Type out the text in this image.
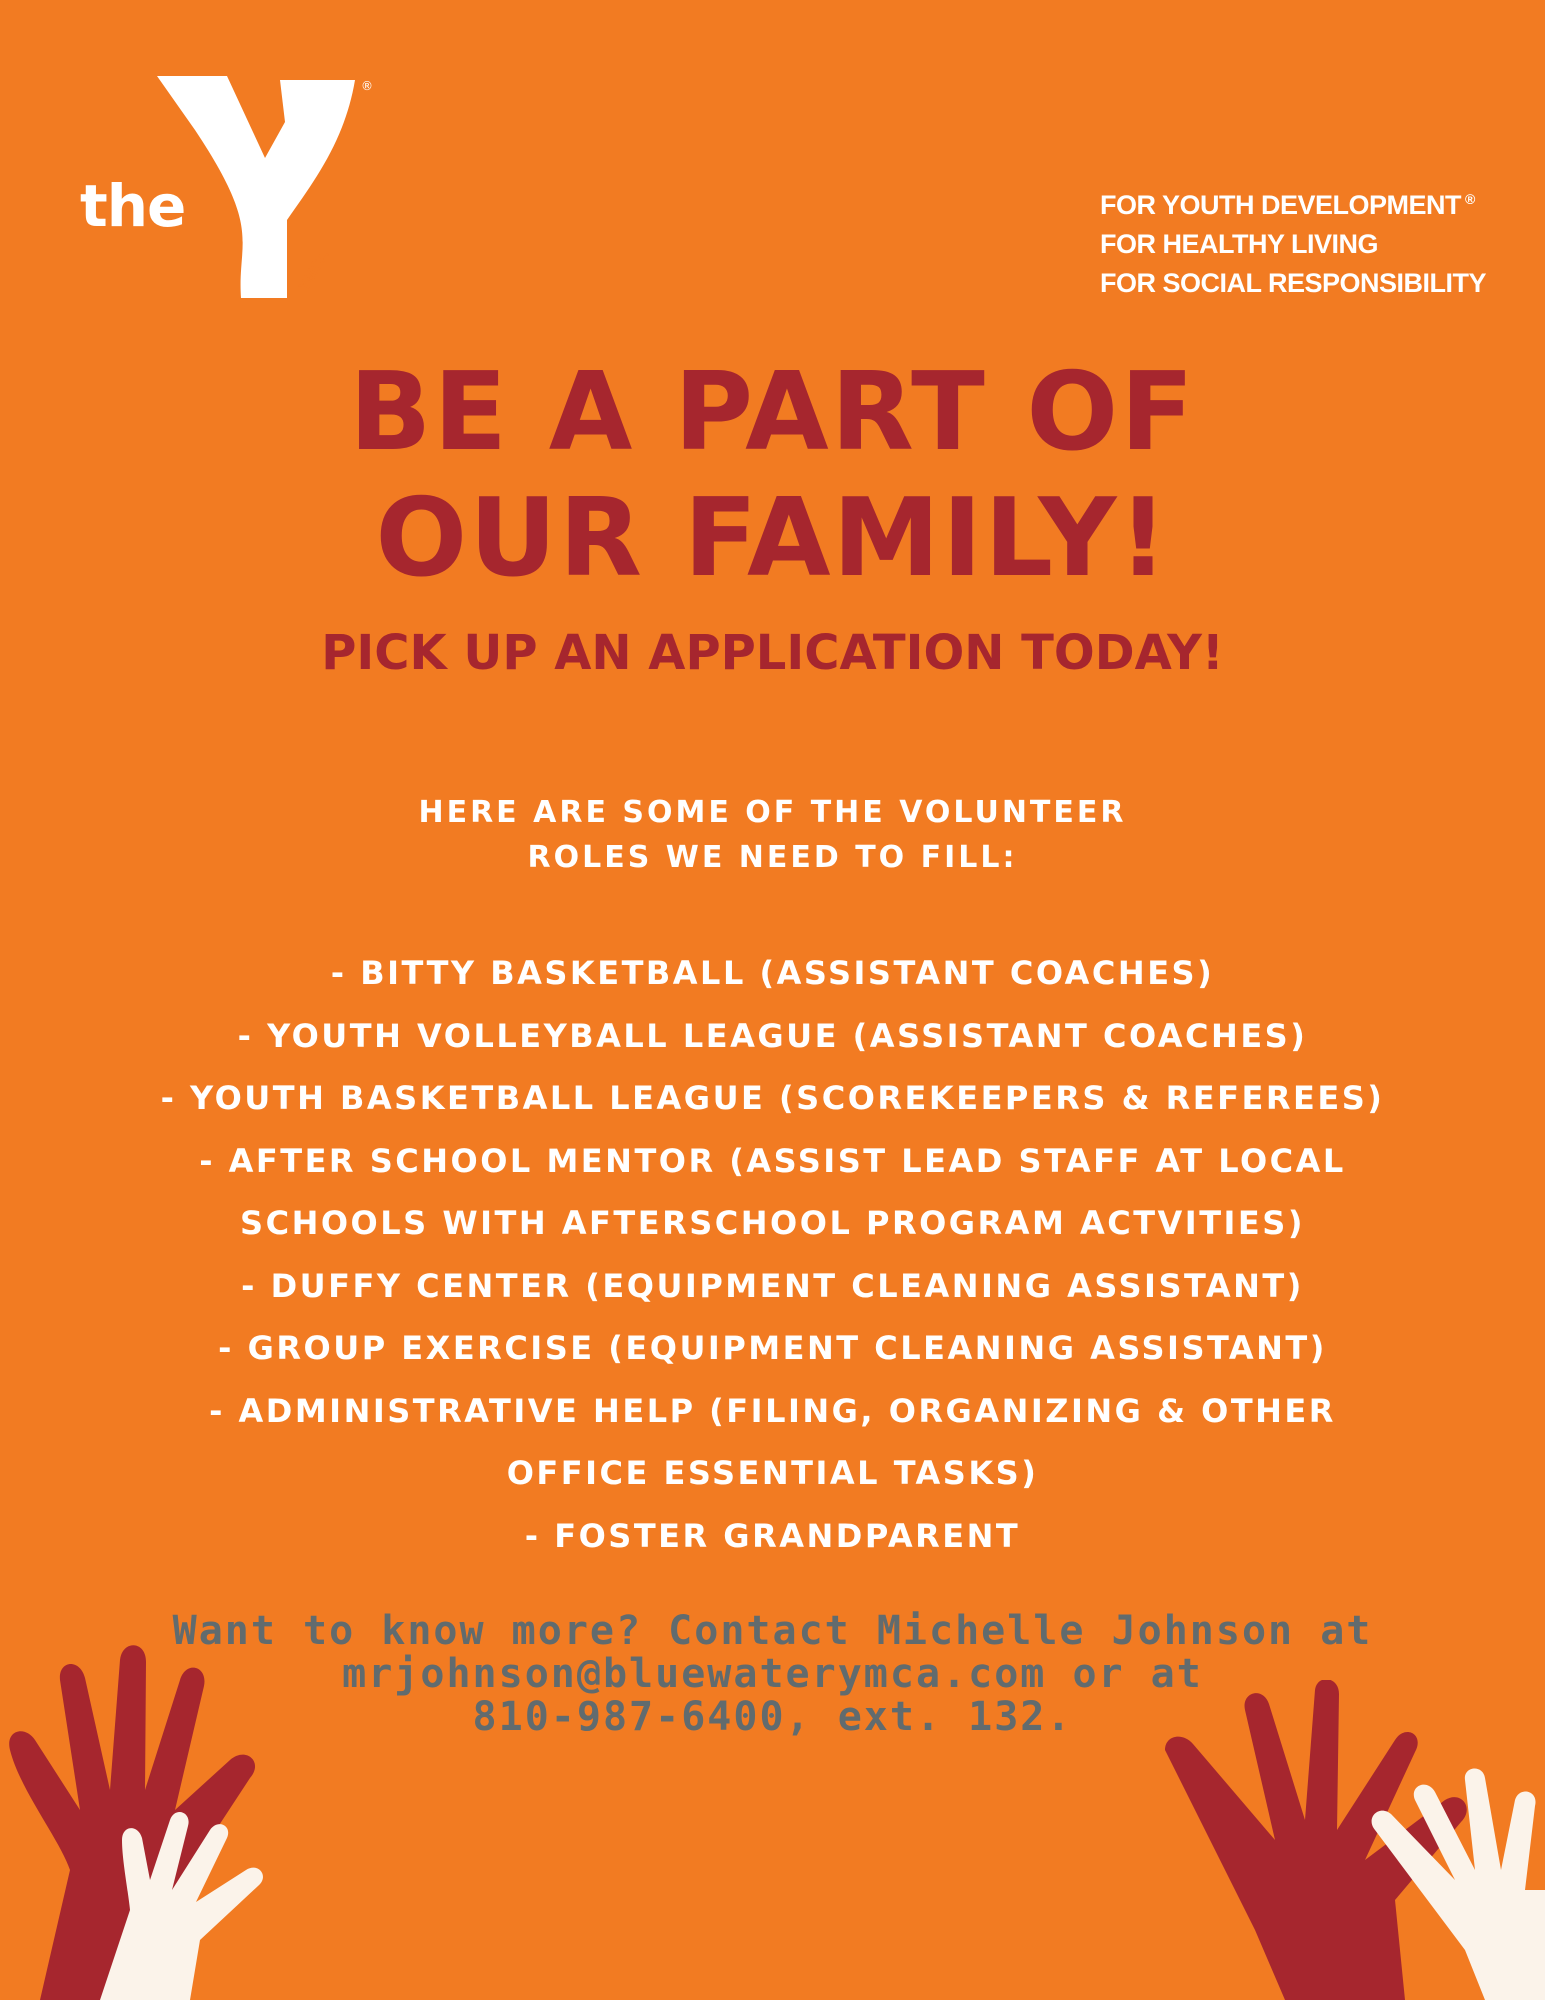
YMCA
®
the	FOR YOUTH DEVELOPMENT ®
FOR HEALTHY LIVING
FOR SOCIAL RESPONSIBILITY
BE A PART OF
OUR FAMILY!
PICK UP AN APPLICATION TODAY!
HERE ARE SOME OF THE VOLUNTEER
ROLES WE NEED TO FILL:
- BITTY BASKETBALL (ASSISTANT COACHES)
- YOUTH VOLLEYBALL LEAGUE (ASSISTANT COACHES)
- YOUTH BASKETBALL LEAGUE (SCOREKEEPERS & REFEREES)
- AFTER SCHOOL MENTOR (ASSIST LEAD STAFF AT LOCAL
SCHOOLS WITH AFTERSCHOOL PROGRAM ACTVITIES)
- DUFFY CENTER (EQUIPMENT CLEANING ASSISTANT)
- GROUP EXERCISE (EQUIPMENT CLEANING ASSISTANT)
- ADMINISTRATIVE HELP (FILING, ORGANIZING & OTHER
OFFICE ESSENTIAL TASKS)
- FOSTER GRANDPARENT
Want to know more? Contact Michelle Johnson at
mrjohnson@bluewaterymca.com or at
810-987-6400, ext. 132.
